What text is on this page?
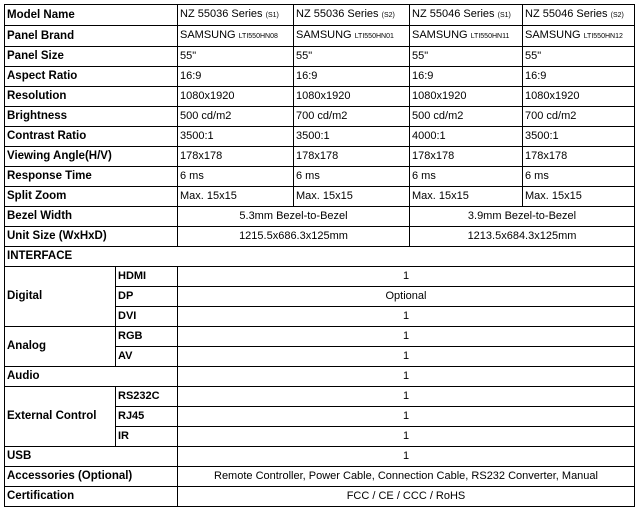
Model Name		NZ 55036 Series (S1)	NZ 55036 Series (S2)	NZ 55046 Series (S1)	NZ 55046 Series (S2)
Panel Brand		SAMSUNG LTI550HN08	SAMSUNG LTI550HN01	SAMSUNG LTI550HN11	SAMSUNG LTI550HN12
Panel Size		55"	55"	55"	55"
Aspect Ratio		16:9	16:9	16:9	16:9
Resolution		1080x1920	1080x1920	1080x1920	1080x1920
Brightness		500 cd/m2	700 cd/m2	500 cd/m2	700 cd/m2
Contrast Ratio		3500:1	3500:1	4000:1	3500:1
Viewing Angle(H/V)		178x178	178x178	178x178	178x178
Response Time		6 ms	6 ms	6 ms	6 ms
Split Zoom		Max. 15x15	Max. 15x15	Max. 15x15	Max. 15x15
Bezel Width		5.3mm Bezel-to-Bezel		3.9mm Bezel-to-Bezel	
Unit Size (WxHxD)		1215.5x686.3x125mm		1213.5x684.3x125mm	
INTERFACE					
Digital	HDMI	1			
	DP	Optional			
	DVI	1			
Analog	RGB	1			
	AV	1			
Audio		1			
External Control	RS232C	1			
	RJ45	1			
	IR	1			
USB		1			
Accessories (Optional)		Remote Controller, Power Cable, Connection Cable, RS232 Converter, Manual			
Certification		FCC / CE / CCC / RoHS			
